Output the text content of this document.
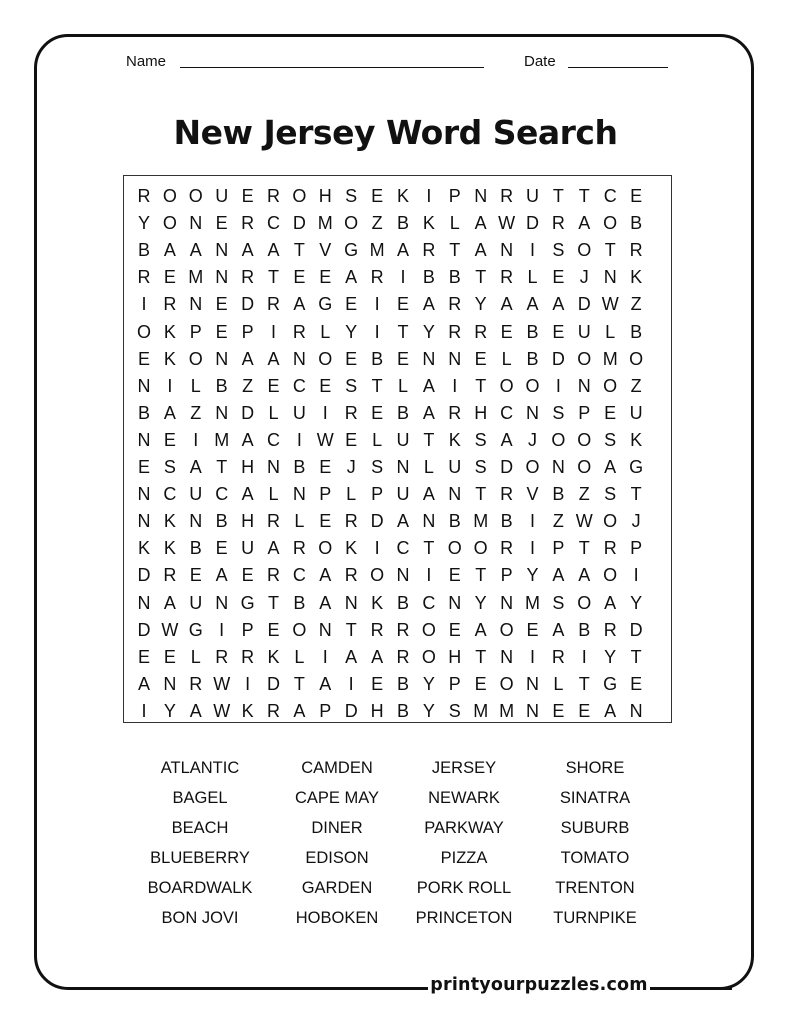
Name	Date
New Jersey Word Search
R O O U E R O H S E K I P N R U T T C E
Y O N E R C D M O Z B K L A W D R A O B
B A A N A A T V G M A R T A N I S O T R
R E M N R T E E A R I B B T R L E J N K
I R N E D R A G E I E A R Y A A A D W Z
O K P E P I R L Y I T Y R R E B E U L B
E K O N A A N O E B E N N E L B D O M O
N I	L B Z E C E S T L A I T O O I N O Z
B A Z N D L U I R E B A R H C N S P E U
N E I M A C I W E L U T K S A J O O S K
E S A T H N B E J S N L U S D O N O A G
N C U C A L N P L P U A N T R V B Z S T
N K N B H R L E R D A N B M B I Z W O J
K K B E U A R O K I C T O O R I P T R P
D R E A E R C A R O N I E T P Y A A O I
N A U N G T B A N K B C N Y N M S O A Y
D W G I P E O N T R R O E A O E A B R D
E E L R R K L	I A A R O H T N I R I Y T
A N R W I D T A I E B Y P E O N L T G E
I Y A W K R A P D H B Y S M M N E E A N
ATLANTIC	CAMDEN	JERSEY	SHORE
BAGEL	CAPE MAY	NEWARK	SINATRA
BEACH	DINER	PARKWAY	SUBURB
BLUEBERRY	EDISON	PIZZA	TOMATO
BOARDWALK	GARDEN	PORK ROLL	TRENTON
BON JOVI	HOBOKEN	PRINCETON	TURNPIKE
printyourpuzzles.com
